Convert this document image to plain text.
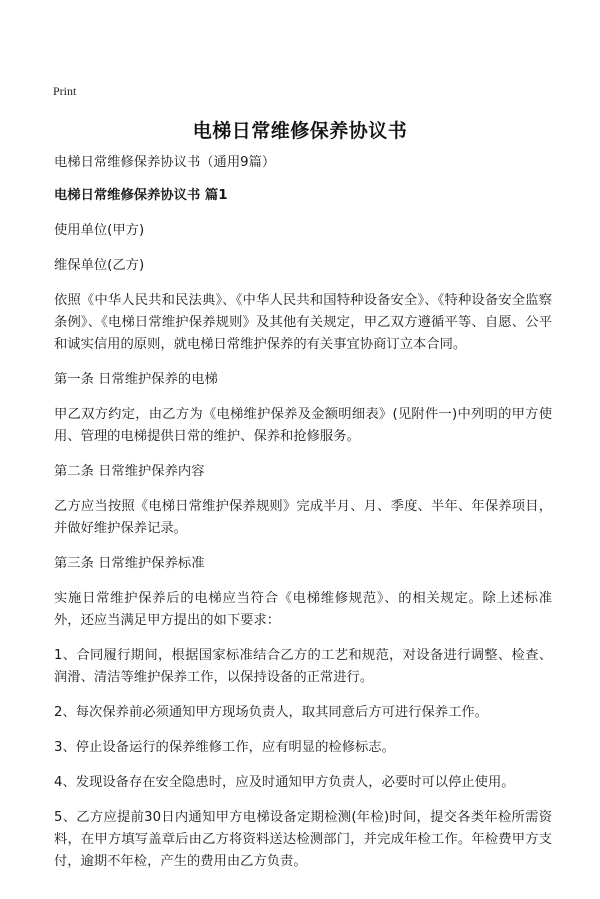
Print
电梯日常维修保养协议书

电梯日常维修保养协议书（通用9篇）

电梯日常维修保养协议书 篇1

使用单位(甲方)

维保单位(乙方)

依照《中华人民共和民法典》、《中华人民共和国特种设备安全》、《特种设备安全监察条例》、《电梯日常维护保养规则》及其他有关规定，甲乙双方遵循平等、自愿、公平和诚实信用的原则，就电梯日常维护保养的有关事宜协商订立本合同。

第一条 日常维护保养的电梯

甲乙双方约定，由乙方为《电梯维护保养及金额明细表》(见附件一)中列明的甲方使用、管理的电梯提供日常的维护、保养和抢修服务。

第二条 日常维护保养内容

乙方应当按照《电梯日常维护保养规则》完成半月、月、季度、半年、年保养项目，并做好维护保养记录。

第三条 日常维护保养标准

实施日常维护保养后的电梯应当符合《电梯维修规范》、的相关规定。除上述标准外，还应当满足甲方提出的如下要求：

1、合同履行期间，根据国家标准结合乙方的工艺和规范，对设备进行调整、检查、润滑、清洁等维护保养工作，以保持设备的正常进行。

2、每次保养前必须通知甲方现场负责人，取其同意后方可进行保养工作。

3、停止设备运行的保养维修工作，应有明显的检修标志。

4、发现设备存在安全隐患时，应及时通知甲方负责人，必要时可以停止使用。

5、乙方应提前30日内通知甲方电梯设备定期检测(年检)时间，提交各类年检所需资料，在甲方填写盖章后由乙方将资料送达检测部门，并完成年检工作。年检费甲方支付，逾期不年检，产生的费用由乙方负责。
